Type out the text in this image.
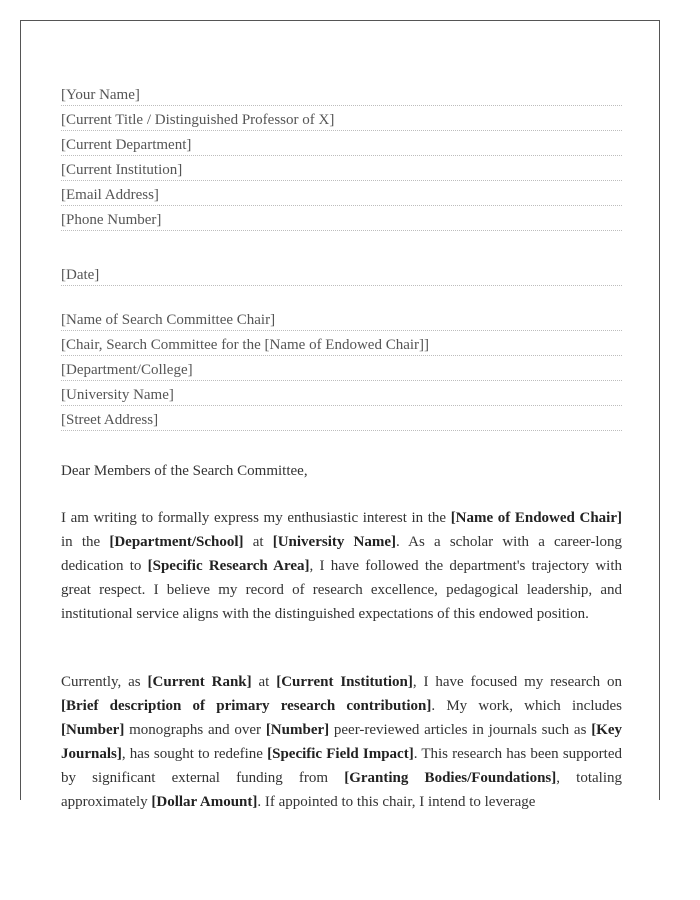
[Your Name]
[Current Title / Distinguished Professor of X]
[Current Department]
[Current Institution]
[Email Address]
[Phone Number]
[Date]
[Name of Search Committee Chair]
[Chair, Search Committee for the [Name of Endowed Chair]]
[Department/College]
[University Name]
[Street Address]
Dear Members of the Search Committee,

I am writing to formally express my enthusiastic interest in the [Name of Endowed Chair] in the [Department/School] at [University Name]. As a scholar with a career-long dedication to [Specific Research Area], I have followed the department's trajectory with great respect. I believe my record of research excellence, pedagogical leadership, and institutional service aligns with the distinguished expectations of this endowed position.

Currently, as [Current Rank] at [Current Institution], I have focused my research on [Brief description of primary research contribution]. My work, which includes [Number] monographs and over [Number] peer-reviewed articles in journals such as [Key Journals], has sought to redefine [Specific Field Impact]. This research has been supported by significant external funding from [Granting Bodies/Foundations], totaling approximately [Dollar Amount]. If appointed to this chair, I intend to leverage
